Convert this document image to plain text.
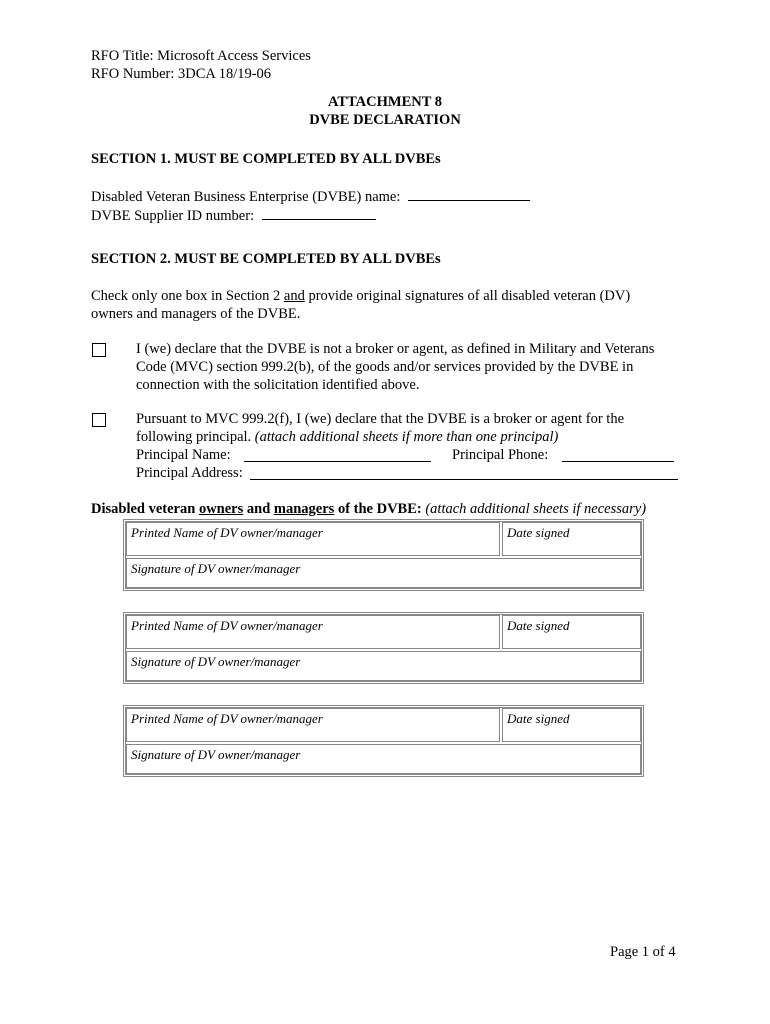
RFO Title: Microsoft Access Services
RFO Number: 3DCA 18/19-06
ATTACHMENT 8
DVBE DECLARATION
SECTION 1. MUST BE COMPLETED BY ALL DVBEs
Disabled Veteran Business Enterprise (DVBE) name:
DVBE Supplier ID number:
SECTION 2. MUST BE COMPLETED BY ALL DVBEs
Check only one box in Section 2 and provide original signatures of all disabled veteran (DV)
owners and managers of the DVBE.
I (we) declare that the DVBE is not a broker or agent, as defined in Military and Veterans
Code (MVC) section 999.2(b), of the goods and/or services provided by the DVBE in
connection with the solicitation identified above.
Pursuant to MVC 999.2(f), I (we) declare that the DVBE is a broker or agent for the
following principal. (attach additional sheets if more than one principal)
Principal Name:	Principal Phone:
Principal Address:
Disabled veteran owners and managers of the DVBE: (attach additional sheets if necessary)
Printed Name of DV owner/manager	Date signed
Signature of DV owner/manager
Printed Name of DV owner/manager	Date signed
Signature of DV owner/manager
Printed Name of DV owner/manager	Date signed
Signature of DV owner/manager
Page 1 of 4
